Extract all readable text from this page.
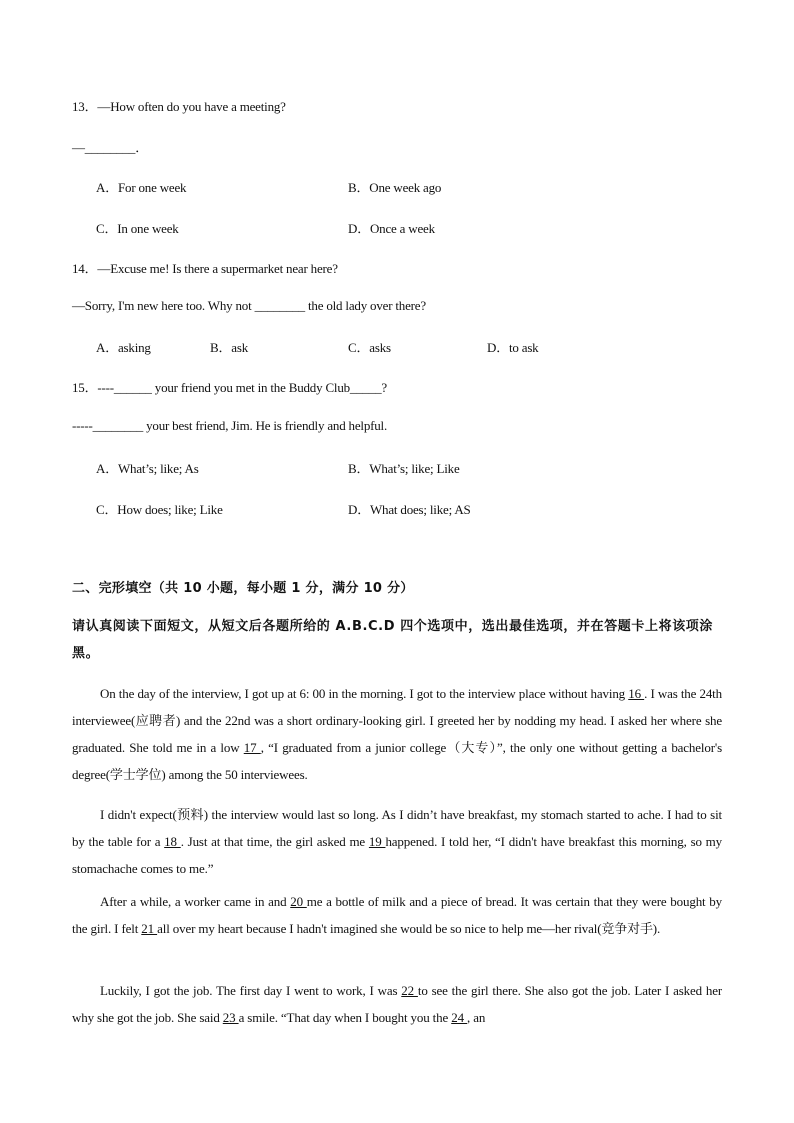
13．—How often do you have a meeting?
—________．
A．For one week	B．One week ago
C．In one week	D．Once a week
14．—Excuse me! Is there a supermarket near here?
—Sorry, I'm new here too. Why not ________ the old lady over there?
A．asking	B．ask	C．asks	D．to ask
15．----______ your friend you met in the Buddy Club_____?
-----________ your best friend, Jim. He is friendly and helpful.
A．What’s; like; As	B．What’s; like; Like
C．How does; like; Like	D．What does; like; AS
二、完形填空（共 10 小题，每小题 1 分，满分 10 分）
请认真阅读下面短文，从短文后各题所给的 A.B.C.D 四个选项中，选出最佳选项，并在答题卡上将该项涂黑。
On the day of the interview, I got up at 6: 00 in the morning. I got to the interview place without having 16 . I was the 24th interviewee(应聘者) and the 22nd was a short ordinary-looking girl. I greeted her by nodding my head. I asked her where she graduated. She told me in a low 17 , “I graduated from a junior college（大专）”, the only one without getting a bachelor's degree(学士学位) among the 50 interviewees.
I didn't expect(预料) the interview would last so long. As I didn’t have breakfast, my stomach started to ache. I had to sit by the table for a 18 . Just at that time, the girl asked me 19 happened. I told her, “I didn't have breakfast this morning, so my stomachache comes to me.”
After a while, a worker came in and 20 me a bottle of milk and a piece of bread. It was certain that they were bought by the girl. I felt 21 all over my heart because I hadn't imagined she would be so nice to help me—her rival(竞争对手).
Luckily, I got the job. The first day I went to work, I was 22 to see the girl there. She also got the job. Later I asked her why she got the job. She said 23 a smile. “That day when I bought you the 24 , an
